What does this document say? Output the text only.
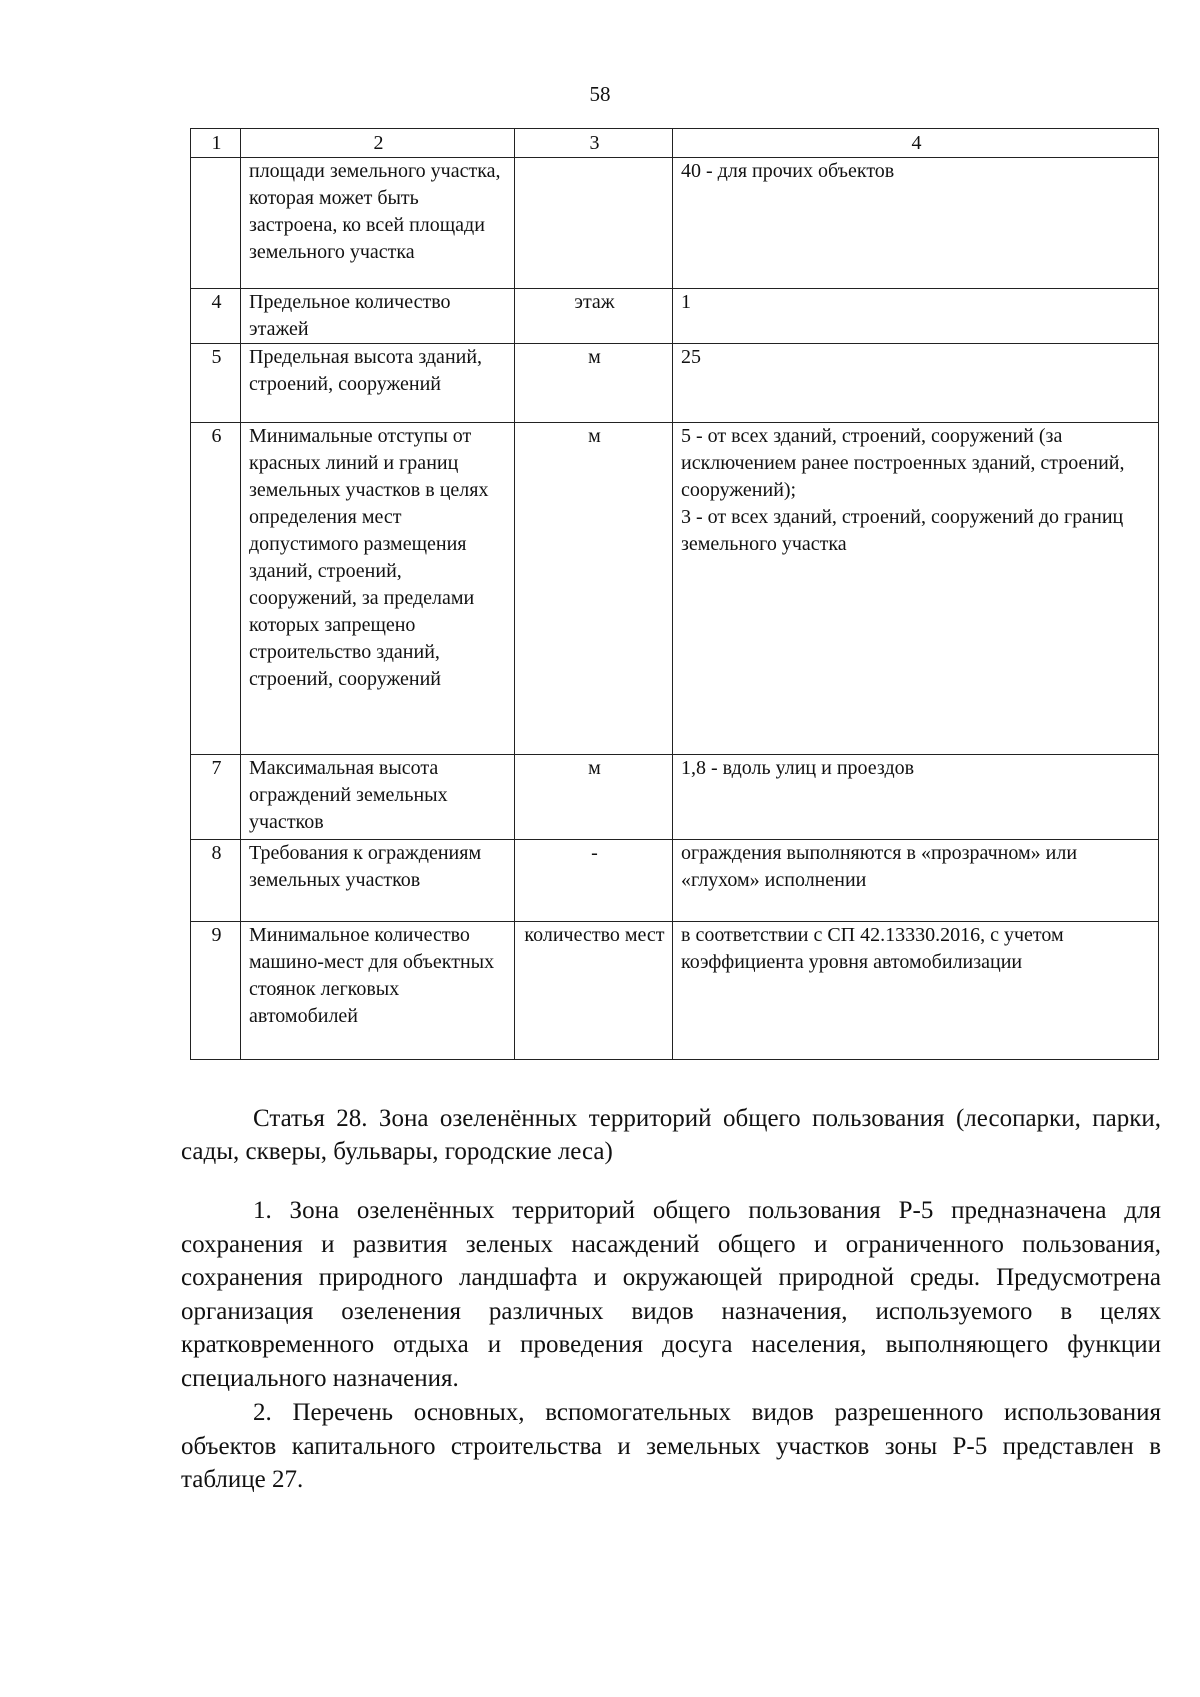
58
1	2	3	4
	площади земельного участка, которая может быть застроена, ко всей площади земельного участка		40 - для прочих объектов
4	Предельное количество этажей	этаж	1
5	Предельная высота зданий, строений, сооружений	м	25
6	Минимальные отступы от красных линий и границ земельных участков в целях определения мест допустимого размещения зданий, строений, сооружений, за пределами которых запрещено строительство зданий, строений, сооружений	м	5 - от всех зданий, строений, сооружений (за исключением ранее построенных зданий, строений, сооружений);
3 - от всех зданий, строений, сооружений до границ земельного участка

7	Максимальная высота ограждений земельных участков	м	1,8 - вдоль улиц и проездов
8	Требования к ограждениям земельных участков	-	ограждения выполняются в «прозрачном» или «глухом» исполнении
9	Минимальное количество машино-мест для объектных стоянок легковых автомобилей	количество мест	в соответствии с СП 42.13330.2016, с учетом коэффициента уровня автомобилизации
Статья 28. Зона озеленённых территорий общего пользования (лесопарки, парки, сады, скверы, бульвары, городские леса)

1. Зона озеленённых территорий общего пользования Р-5 предназначена для сохранения и развития зеленых насаждений общего и ограниченного пользования, сохранения природного ландшафта и окружающей природной среды. Предусмотрена организация озеленения различных видов назначения, используемого в целях кратковременного отдыха и проведения досуга населения, выполняющего функции специального назначения.

2. Перечень основных, вспомогательных видов разрешенного использования объектов капитального строительства и земельных участков зоны Р-5 представлен в таблице 27.
